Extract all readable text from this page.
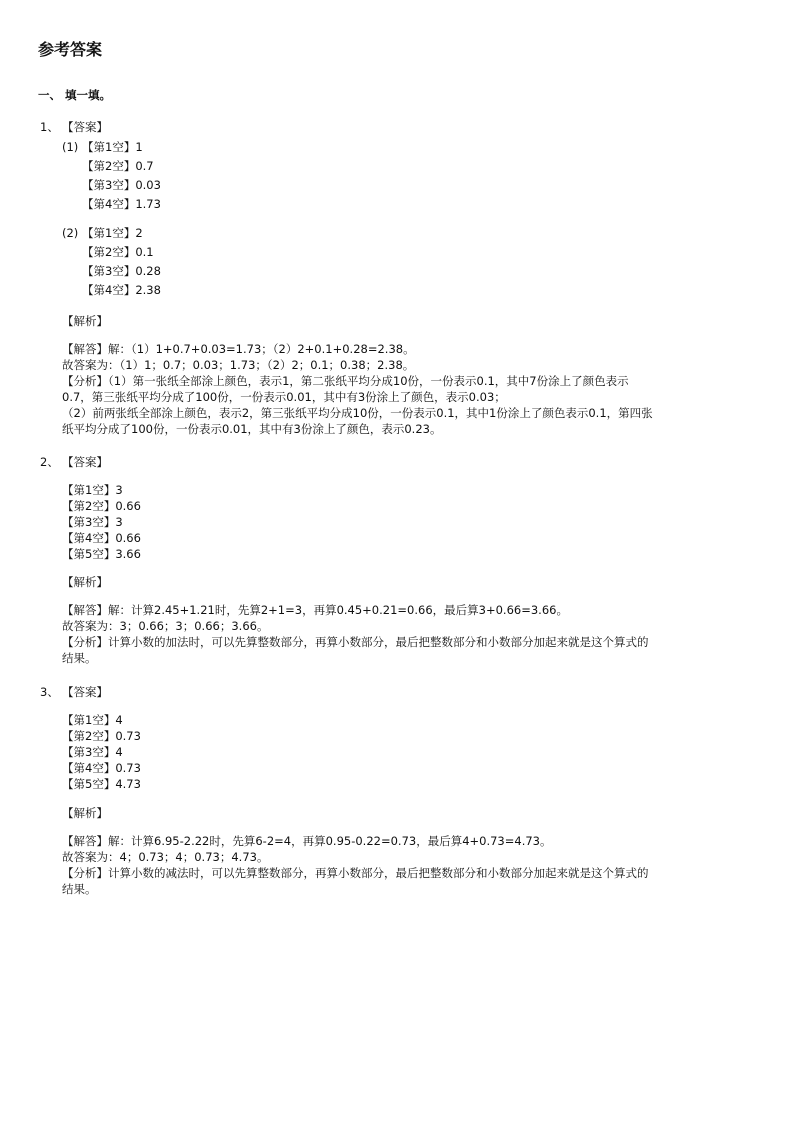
参考答案
一、 填一填。
1、 【答案】
(1) 【第1空】1
【第2空】0.7
【第3空】0.03
【第4空】1.73
(2) 【第1空】2
【第2空】0.1
【第3空】0.28
【第4空】2.38
【解析】
【解答】解：（1）1+0.7+0.03=1.73；（2）2+0.1+0.28=2.38。
故答案为：（1）1；0.7；0.03；1.73；（2）2；0.1；0.38；2.38。
【分析】（1）第一张纸全部涂上颜色，表示1，第二张纸平均分成10份，一份表示0.1，其中7份涂上了颜色表示
0.7，第三张纸平均分成了100份，一份表示0.01，其中有3份涂上了颜色，表示0.03；
（2）前两张纸全部涂上颜色，表示2，第三张纸平均分成10份，一份表示0.1，其中1份涂上了颜色表示0.1，第四张
纸平均分成了100份，一份表示0.01，其中有3份涂上了颜色，表示0.23。
2、 【答案】
【第1空】3
【第2空】0.66
【第3空】3
【第4空】0.66
【第5空】3.66
【解析】
【解答】解：计算2.45+1.21时，先算2+1=3，再算0.45+0.21=0.66，最后算3+0.66=3.66。
故答案为：3；0.66；3；0.66；3.66。
【分析】计算小数的加法时，可以先算整数部分，再算小数部分，最后把整数部分和小数部分加起来就是这个算式的
结果。
3、 【答案】
【第1空】4
【第2空】0.73
【第3空】4
【第4空】0.73
【第5空】4.73
【解析】
【解答】解：计算6.95-2.22时，先算6-2=4，再算0.95-0.22=0.73，最后算4+0.73=4.73。
故答案为：4；0.73；4；0.73；4.73。
【分析】计算小数的减法时，可以先算整数部分，再算小数部分，最后把整数部分和小数部分加起来就是这个算式的
结果。
